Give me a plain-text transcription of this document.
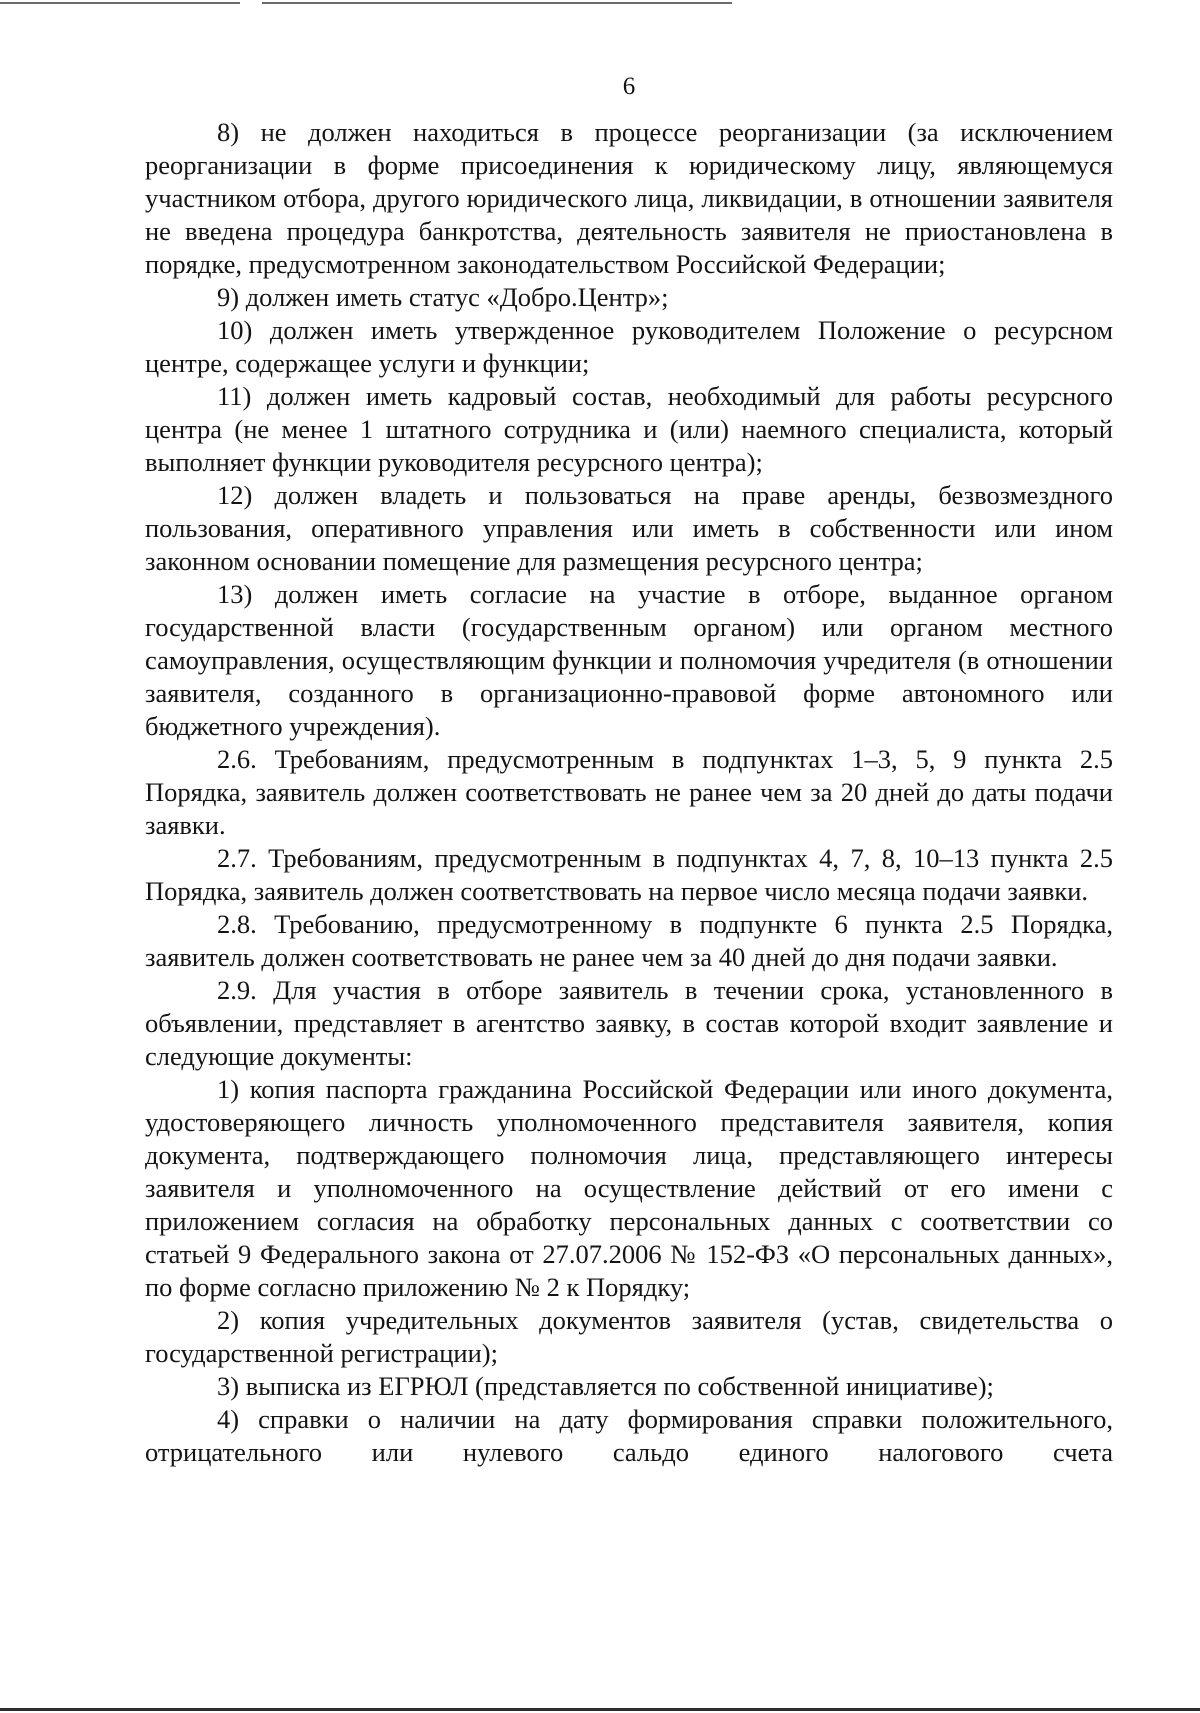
6

8) не должен находиться в процессе реорганизации (за исключением реорганизации в форме присоединения к юридическому лицу, являющемуся участником отбора, другого юридического лица, ликвидации, в отношении заявителя не введена процедура банкротства, деятельность заявителя не приостановлена в порядке, предусмотренном законодательством Российской Федерации;

9) должен иметь статус «Добро.Центр»;

10) должен иметь утвержденное руководителем Положение о ресурсном центре, содержащее услуги и функции;

11) должен иметь кадровый состав, необходимый для работы ресурсного центра (не менее 1 штатного сотрудника и (или) наемного специалиста, который выполняет функции руководителя ресурсного центра);

12) должен владеть и пользоваться на праве аренды, безвозмездного пользования, оперативного управления или иметь в собственности или ином законном основании помещение для размещения ресурсного центра;

13) должен иметь согласие на участие в отборе, выданное органом государственной власти (государственным органом) или органом местного самоуправления, осуществляющим функции и полномочия учредителя (в отношении заявителя, созданного в организационно-правовой форме автономного или бюджетного учреждения).

2.6. Требованиям, предусмотренным в подпунктах 1–3, 5, 9 пункта 2.5 Порядка, заявитель должен соответствовать не ранее чем за 20 дней до даты подачи заявки.

2.7. Требованиям, предусмотренным в подпунктах 4, 7, 8, 10–13 пункта 2.5 Порядка, заявитель должен соответствовать на первое число месяца подачи заявки.

2.8. Требованию, предусмотренному в подпункте 6 пункта 2.5 Порядка, заявитель должен соответствовать не ранее чем за 40 дней до дня подачи заявки.

2.9. Для участия в отборе заявитель в течении срока, установленного в объявлении, представляет в агентство заявку, в состав которой входит заявление и следующие документы:

1) копия паспорта гражданина Российской Федерации или иного документа, удостоверяющего личность уполномоченного представителя заявителя, копия документа, подтверждающего полномочия лица, представляющего интересы заявителя и уполномоченного на осуществление действий от его имени с приложением согласия на обработку персональных данных с соответствии со статьей 9 Федерального закона от 27.07.2006 № 152-ФЗ «О персональных данных», по форме согласно приложению № 2 к Порядку;

2) копия учредительных документов заявителя (устав, свидетельства о государственной регистрации);

3) выписка из ЕГРЮЛ (представляется по собственной инициативе);

4) справки о наличии на дату формирования справки положительного, отрицательного или нулевого сальдо единого налогового счета
